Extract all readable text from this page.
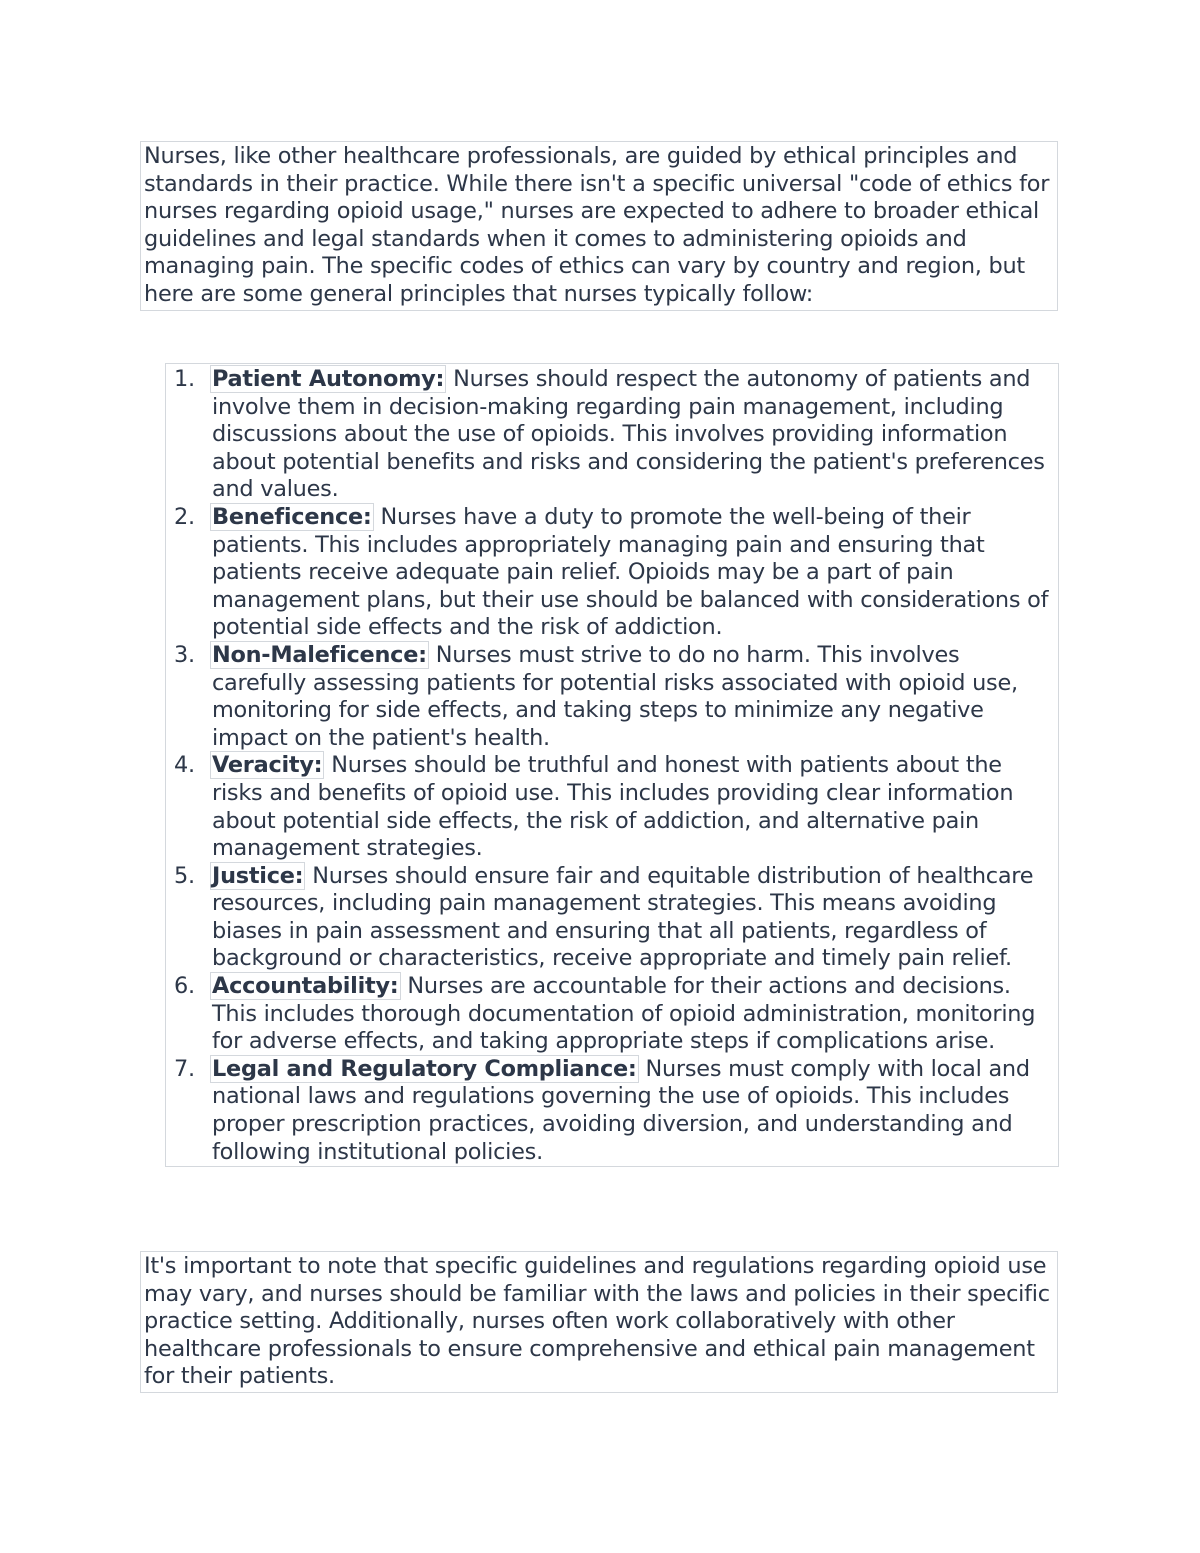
Nurses, like other healthcare professionals, are guided by ethical principles and standards in their practice. While there isn't a specific universal "code of ethics for nurses regarding opioid usage," nurses are expected to adhere to broader ethical guidelines and legal standards when it comes to administering opioids and managing pain. The specific codes of ethics can vary by country and region, but here are some general principles that nurses typically follow:
1. Patient Autonomy: Nurses should respect the autonomy of patients and involve them in decision-making regarding pain management, including discussions about the use of opioids. This involves providing information about potential benefits and risks and considering the patient's preferences and values.
2. Beneficence: Nurses have a duty to promote the well-being of their patients. This includes appropriately managing pain and ensuring that patients receive adequate pain relief. Opioids may be a part of pain management plans, but their use should be balanced with considerations of potential side effects and the risk of addiction.
3. Non-Maleficence: Nurses must strive to do no harm. This involves carefully assessing patients for potential risks associated with opioid use, monitoring for side effects, and taking steps to minimize any negative impact on the patient's health.
4. Veracity: Nurses should be truthful and honest with patients about the risks and benefits of opioid use. This includes providing clear information about potential side effects, the risk of addiction, and alternative pain management strategies.
5. Justice: Nurses should ensure fair and equitable distribution of healthcare resources, including pain management strategies. This means avoiding biases in pain assessment and ensuring that all patients, regardless of background or characteristics, receive appropriate and timely pain relief.
6. Accountability: Nurses are accountable for their actions and decisions. This includes thorough documentation of opioid administration, monitoring for adverse effects, and taking appropriate steps if complications arise.
7. Legal and Regulatory Compliance: Nurses must comply with local and national laws and regulations governing the use of opioids. This includes proper prescription practices, avoiding diversion, and understanding and following institutional policies.
It's important to note that specific guidelines and regulations regarding opioid use may vary, and nurses should be familiar with the laws and policies in their specific practice setting. Additionally, nurses often work collaboratively with other healthcare professionals to ensure comprehensive and ethical pain management for their patients.
